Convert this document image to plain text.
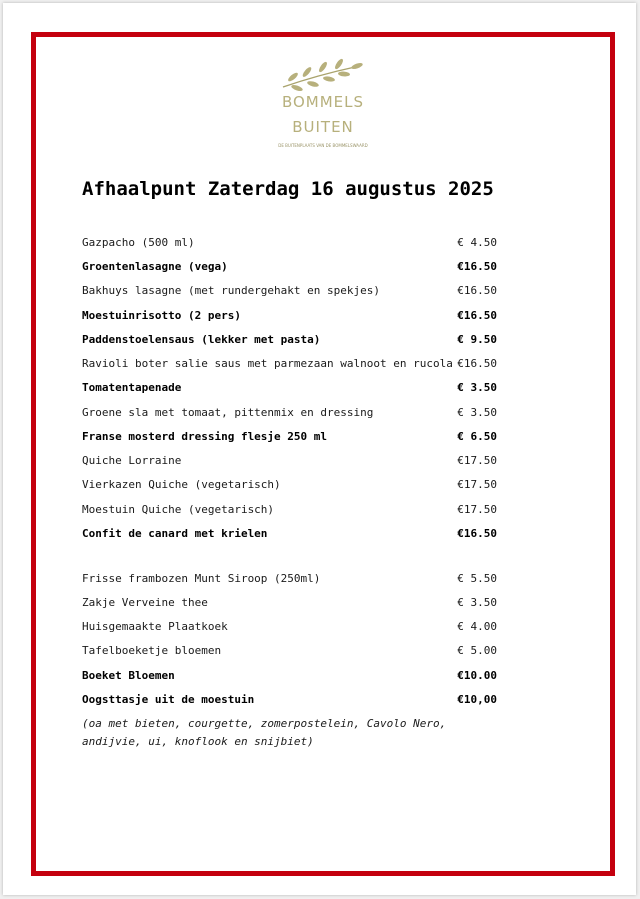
BOMMELS
BUITEN
DE BUITENPLAATS VAN DE BOMMELSWAARD
Afhaalpunt Zaterdag 16 augustus 2025
Gazpacho (500 ml)	€ 4.50
Groentenlasagne (vega)	€16.50
Bakhuys lasagne (met rundergehakt en spekjes)	€16.50
Moestuinrisotto (2 pers)	€16.50
Paddenstoelensaus (lekker met pasta)	€ 9.50
Ravioli boter salie saus met parmezaan walnoot en rucola €16.50
Tomatentapenade	€ 3.50
Groene sla met tomaat, pittenmix en dressing	€ 3.50
Franse mosterd dressing flesje 250 ml	€ 6.50
Quiche Lorraine	€17.50
Vierkazen Quiche (vegetarisch)	€17.50
Moestuin Quiche (vegetarisch)	€17.50
Confit de canard met krielen	€16.50
Frisse frambozen Munt Siroop (250ml)	€ 5.50
Zakje Verveine thee	€ 3.50
Huisgemaakte Plaatkoek	€ 4.00
Tafelboeketje bloemen	€ 5.00
Boeket Bloemen	€10.00
Oogsttasje uit de moestuin	€10,00
(oa met bieten, courgette, zomerpostelein, Cavolo Nero, andijvie, ui, knoflook en snijbiet)
